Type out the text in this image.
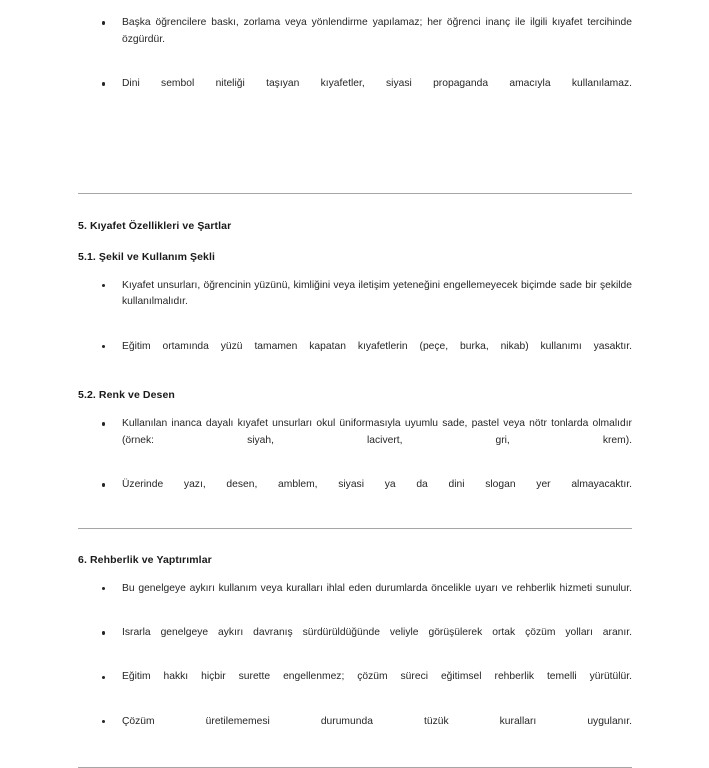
Başka öğrencilere baskı, zorlama veya yönlendirme yapılamaz; her öğrenci inanç ile ilgili kıyafet tercihinde özgürdür.
Dini sembol niteliği taşıyan kıyafetler, siyasi propaganda amacıyla kullanılamaz.
5. Kıyafet Özellikleri ve Şartlar
5.1. Şekil ve Kullanım Şekli
Kıyafet unsurları, öğrencinin yüzünü, kimliğini veya iletişim yeteneğini engellemeyecek biçimde sade bir şekilde kullanılmalıdır.
Eğitim ortamında yüzü tamamen kapatan kıyafetlerin (peçe, burka, nikab) kullanımı yasaktır.
5.2. Renk ve Desen
Kullanılan inanca dayalı kıyafet unsurları okul üniformasıyla uyumlu sade, pastel veya nötr tonlarda olmalıdır (örnek: siyah, lacivert, gri, krem).
Üzerinde yazı, desen, amblem, siyasi ya da dini slogan yer almayacaktır.
6. Rehberlik ve Yaptırımlar
Bu genelgeye aykırı kullanım veya kuralları ihlal eden durumlarda öncelikle uyarı ve rehberlik hizmeti sunulur.
Israrla genelgeye aykırı davranış sürdürüldüğünde veliyle görüşülerek ortak çözüm yolları aranır.
Eğitim hakkı hiçbir surette engellenmez; çözüm süreci eğitimsel rehberlik temelli yürütülür.
Çözüm üretilememesi durumunda tüzük kuralları uygulanır.
